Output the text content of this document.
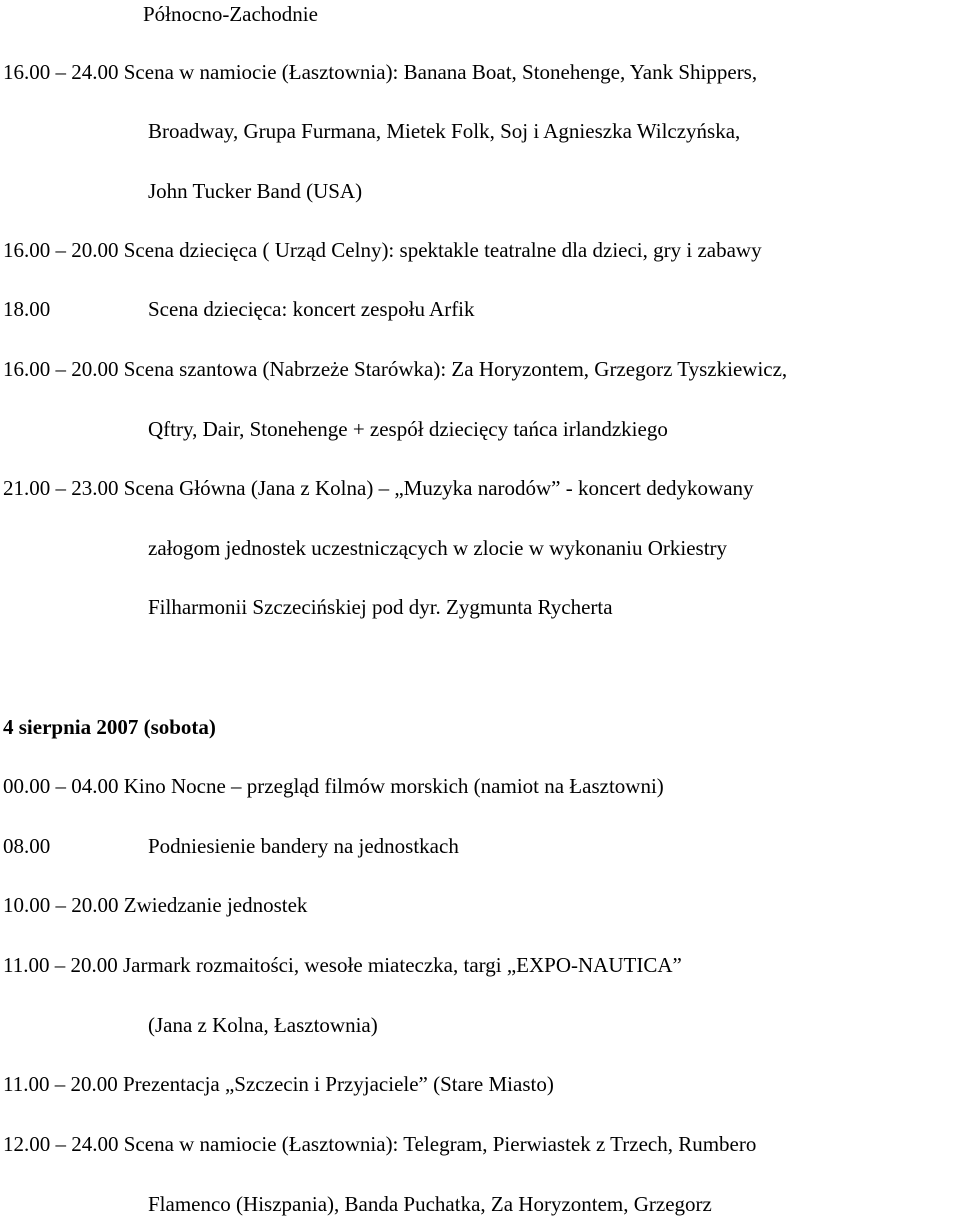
Północno-Zachodnie
16.00 – 24.00 Scena w namiocie (Łasztownia): Banana Boat, Stonehenge, Yank Shippers,
Broadway, Grupa Furmana, Mietek Folk, Soj i Agnieszka Wilczyńska,
John Tucker Band (USA)
16.00 – 20.00 Scena dziecięca ( Urząd Celny): spektakle teatralne dla dzieci, gry i zabawy
18.00	Scena dziecięca: koncert zespołu Arfik
16.00 – 20.00 Scena szantowa (Nabrzeże Starówka): Za Horyzontem, Grzegorz Tyszkiewicz,
Qftry, Dair, Stonehenge + zespół dziecięcy tańca irlandzkiego
21.00 – 23.00 Scena Główna (Jana z Kolna) – „Muzyka narodów” - koncert dedykowany
załogom jednostek uczestniczących w zlocie w wykonaniu Orkiestry
Filharmonii Szczecińskiej pod dyr. Zygmunta Rycherta
4 sierpnia 2007 (sobota)
00.00 – 04.00 Kino Nocne – przegląd filmów morskich (namiot na Łasztowni)
08.00	Podniesienie bandery na jednostkach
10.00 – 20.00 Zwiedzanie jednostek
11.00 – 20.00 Jarmark rozmaitości, wesołe miateczka, targi „EXPO-NAUTICA”
(Jana z Kolna, Łasztownia)
11.00 – 20.00 Prezentacja „Szczecin i Przyjaciele” (Stare Miasto)
12.00 – 24.00 Scena w namiocie (Łasztownia): Telegram, Pierwiastek z Trzech, Rumbero
Flamenco (Hiszpania), Banda Puchatka, Za Horyzontem, Grzegorz
